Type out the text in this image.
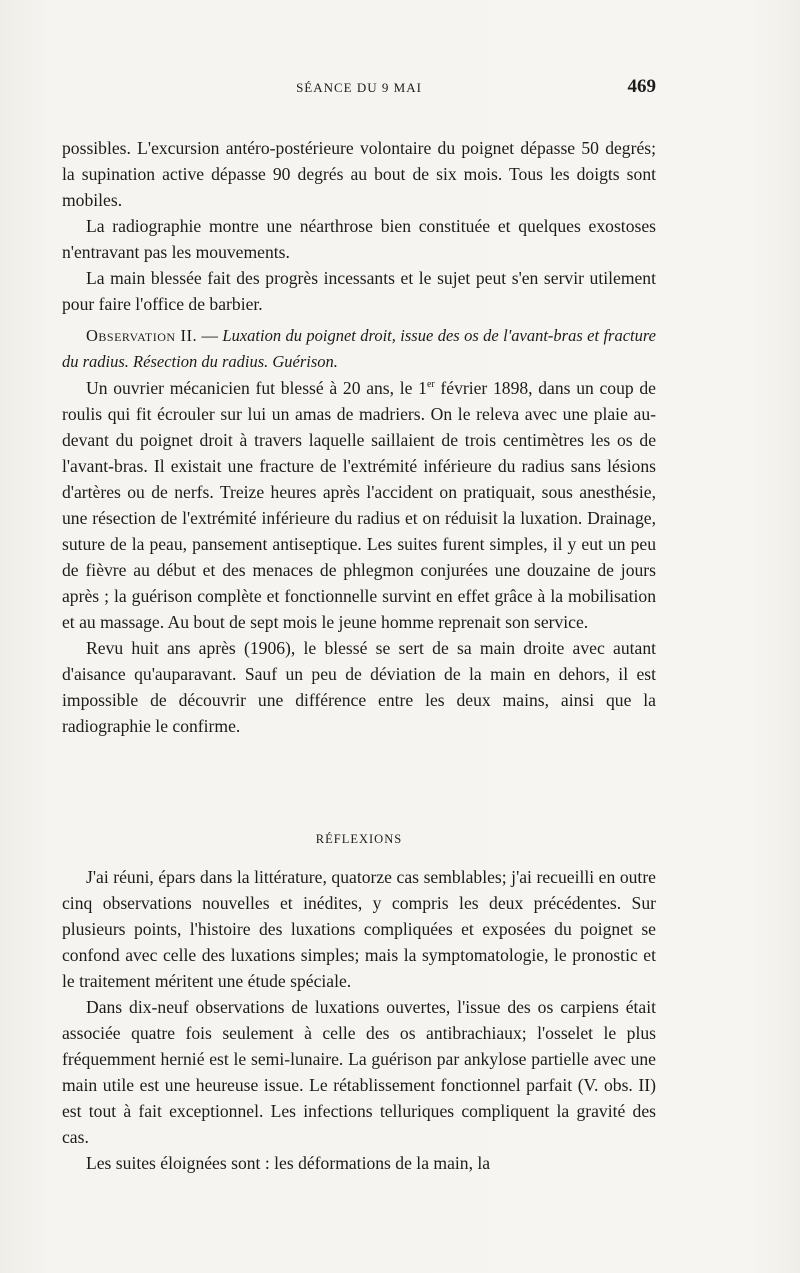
SÉANCE DU 9 MAI	469

possibles. L'excursion antéro-postérieure volontaire du poignet dépasse 50 degrés; la supination active dépasse 90 degrés au bout de six mois. Tous les doigts sont mobiles.

La radiographie montre une néarthrose bien constituée et quelques exostoses n'entravant pas les mouvements.

La main blessée fait des progrès incessants et le sujet peut s'en servir utilement pour faire l'office de barbier.

Observation II. — Luxation du poignet droit, issue des os de l'avant-bras et fracture du radius. Résection du radius. Guérison.

Un ouvrier mécanicien fut blessé à 20 ans, le 1er février 1898, dans un coup de roulis qui fit écrouler sur lui un amas de madriers. On le releva avec une plaie au-devant du poignet droit à travers laquelle saillaient de trois centimètres les os de l'avant-bras. Il existait une fracture de l'extrémité inférieure du radius sans lésions d'artères ou de nerfs. Treize heures après l'accident on pratiquait, sous anesthésie, une résection de l'extrémité inférieure du radius et on réduisit la luxation. Drainage, suture de la peau, pansement antiseptique. Les suites furent simples, il y eut un peu de fièvre au début et des menaces de phlegmon conjurées une douzaine de jours après ; la guérison complète et fonctionnelle survint en effet grâce à la mobilisation et au massage. Au bout de sept mois le jeune homme reprenait son service.

Revu huit ans après (1906), le blessé se sert de sa main droite avec autant d'aisance qu'auparavant. Sauf un peu de déviation de la main en dehors, il est impossible de découvrir une différence entre les deux mains, ainsi que la radiographie le confirme.

RÉFLEXIONS

J'ai réuni, épars dans la littérature, quatorze cas semblables; j'ai recueilli en outre cinq observations nouvelles et inédites, y compris les deux précédentes. Sur plusieurs points, l'histoire des luxations compliquées et exposées du poignet se confond avec celle des luxations simples; mais la symptomatologie, le pronostic et le traitement méritent une étude spéciale.

Dans dix-neuf observations de luxations ouvertes, l'issue des os carpiens était associée quatre fois seulement à celle des os antibrachiaux; l'osselet le plus fréquemment hernié est le semi-lunaire. La guérison par ankylose partielle avec une main utile est une heureuse issue. Le rétablissement fonctionnel parfait (V. obs. II) est tout à fait exceptionnel. Les infections telluriques compliquent la gravité des cas.

Les suites éloignées sont : les déformations de la main, la
